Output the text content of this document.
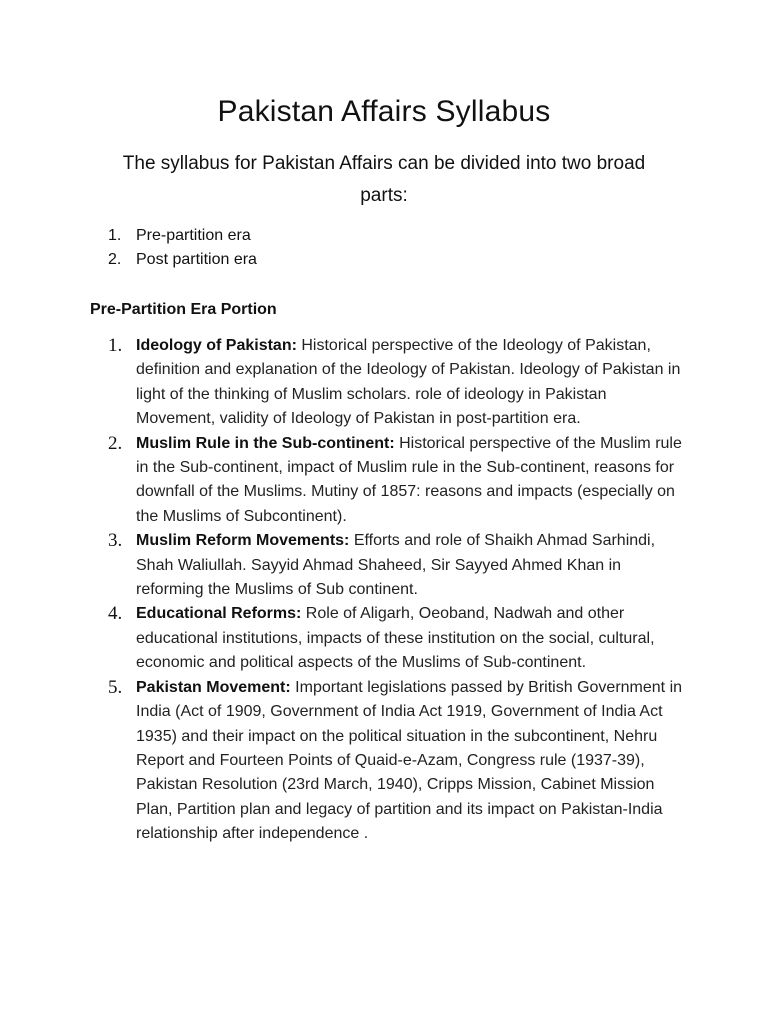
Pakistan Affairs Syllabus

The syllabus for Pakistan Affairs can be divided into two broad parts:

1. Pre-partition era
2. Post partition era
Pre-Partition Era Portion
1. Ideology of Pakistan: Historical perspective of the Ideology of Pakistan, definition and explanation of the Ideology of Pakistan. Ideology of Pakistan in light of the thinking of Muslim scholars. role of ideology in Pakistan Movement, validity of Ideology of Pakistan in post-partition era.
2. Muslim Rule in the Sub-continent: Historical perspective of the Muslim rule in the Sub-continent, impact of Muslim rule in the Sub-continent, reasons for downfall of the Muslims. Mutiny of 1857: reasons and impacts (especially on the Muslims of Subcontinent).
3. Muslim Reform Movements: Efforts and role of Shaikh Ahmad Sarhindi, Shah Waliullah. Sayyid Ahmad Shaheed, Sir Sayyed Ahmed Khan in reforming the Muslims of Sub continent.
4. Educational Reforms: Role of Aligarh, Oeoband, Nadwah and other educational institutions, impacts of these institution on the social, cultural, economic and political aspects of the Muslims of Sub-continent.
5. Pakistan Movement: Important legislations passed by British Government in India (Act of 1909, Government of India Act 1919, Government of India Act 1935) and their impact on the political situation in the subcontinent, Nehru Report and Fourteen Points of Quaid-e-Azam, Congress rule (1937-39), Pakistan Resolution (23rd March, 1940), Cripps Mission, Cabinet Mission Plan, Partition plan and legacy of partition and its impact on Pakistan-India relationship after independence .
